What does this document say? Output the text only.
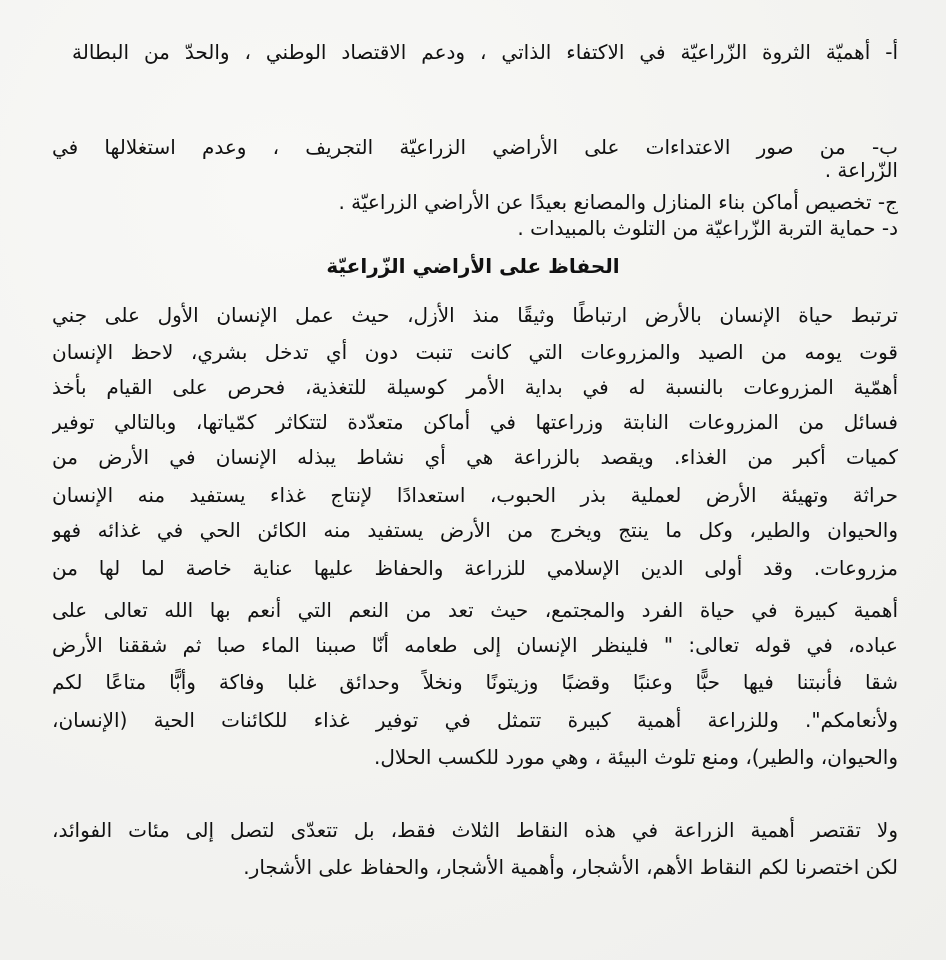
أ- أهميّة الثروة الزّراعيّة في الاكتفاء الذاتي ، ودعم الاقتصاد الوطني ، والحدّ من البطالة
ب- من صور الاعتداءات على الأراضي الزراعيّة التجريف ، وعدم استغلالها في
الزّراعة .
ج- تخصيص أماكن بناء المنازل والمصانع بعيدًا عن الأراضي الزراعيّة .
د- حماية التربة الزّراعيّة من التلوث بالمبيدات .
الحفاظ على الأراضي الزّراعيّة
ترتبط حياة الإنسان بالأرض ارتباطًا وثيقًا منذ الأزل، حيث عمل الإنسان الأول على جني
قوت يومه من الصيد والمزروعات التي كانت تنبت دون أي تدخل بشري، لاحظ الإنسان
أهمّية المزروعات بالنسبة له في بداية الأمر كوسيلة للتغذية، فحرص على القيام بأخذ
فسائل من المزروعات النابتة وزراعتها في أماكن متعدّدة لتتكاثر كمّياتها، وبالتالي توفير
كميات أكبر من الغذاء. ويقصد بالزراعة هي أي نشاط يبذله الإنسان في الأرض من
حراثة وتهيئة الأرض لعملية بذر الحبوب، استعدادًا لإنتاج غذاء يستفيد منه الإنسان
والحيوان والطير، وكل ما ينتج ويخرج من الأرض يستفيد منه الكائن الحي في غذائه فهو
مزروعات. وقد أولى الدين الإسلامي للزراعة والحفاظ عليها عناية خاصة لما لها من
أهمية كبيرة في حياة الفرد والمجتمع، حيث تعد من النعم التي أنعم بها الله تعالى على
عباده، في قوله تعالى: " فلينظر الإنسان إلى طعامه أنّا صببنا الماء صبا ثم شققنا الأرض
شقا فأنبتنا فيها حبًّا وعنبًا وقضبًا وزيتونًا ونخلاً وحدائق غلبا وفاكة وأبًّا متاعًا لكم
ولأنعامكم". وللزراعة أهمية كبيرة تتمثل في توفير غذاء للكائنات الحية (الإنسان،
والحيوان، والطير)، ومنع تلوث البيئة ، وهي مورد للكسب الحلال.
ولا تقتصر أهمية الزراعة في هذه النقاط الثلاث فقط، بل تتعدّى لتصل إلى مئات الفوائد،
لكن اختصرنا لكم النقاط الأهم، الأشجار، وأهمية الأشجار، والحفاظ على الأشجار.
